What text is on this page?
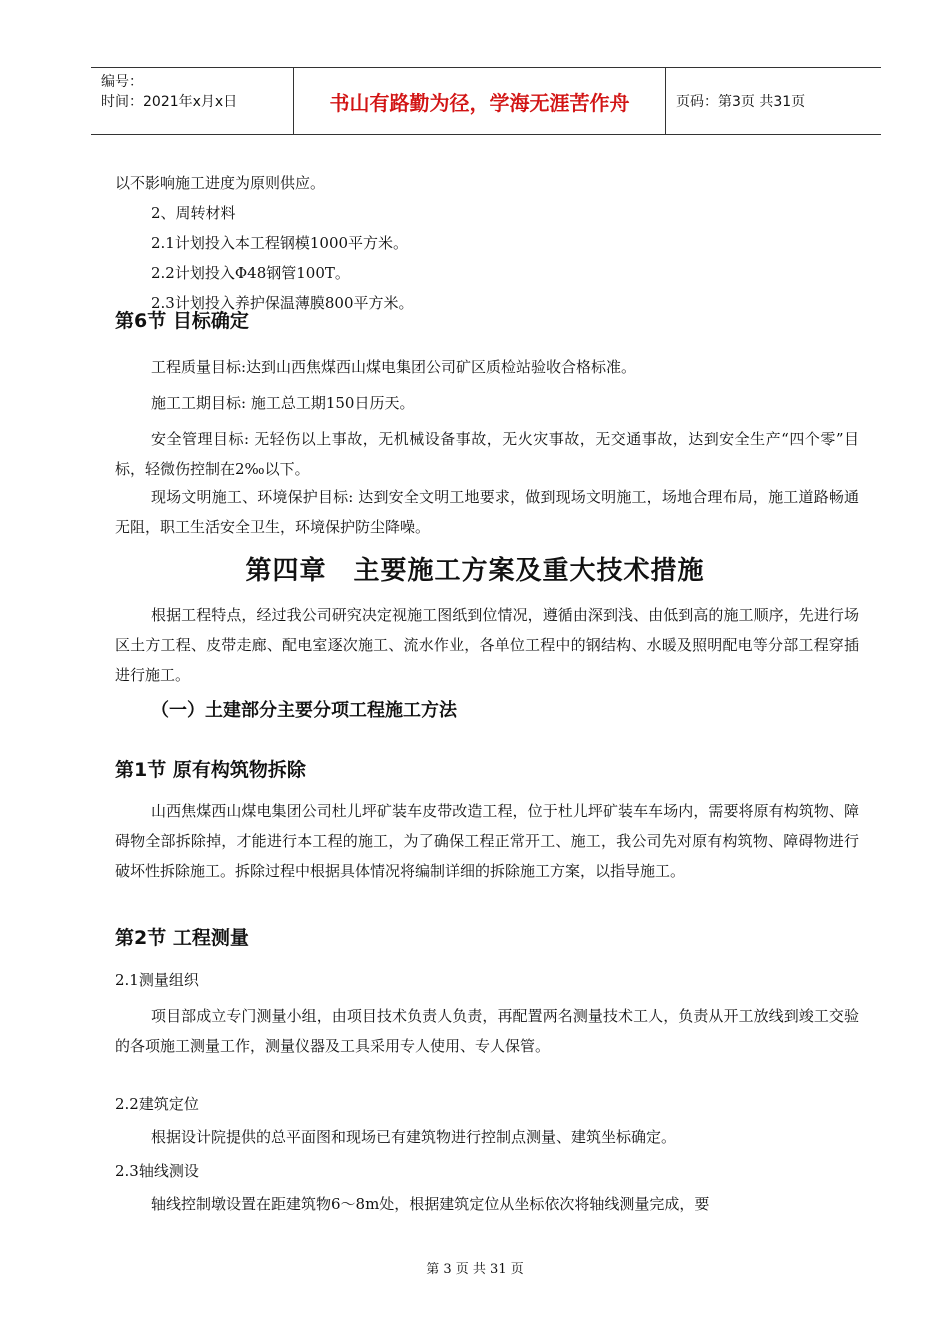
编号：
时间：2021年x月x日	书山有路勤为径，学海无涯苦作舟	页码：第3页 共31页

以不影响施工进度为原则供应。

2、周转材料

2.1计划投入本工程钢模1000平方米。

2.2计划投入Φ48钢管100T。

2.3计划投入养护保温薄膜800平方米。

第6节 目标确定

工程质量目标:达到山西焦煤西山煤电集团公司矿区质检站验收合格标准。

施工工期目标: 施工总工期150日历天。

安全管理目标: 无轻伤以上事故，无机械设备事故，无火灾事故，无交通事故，达到安全生产“四个零”目标，轻微伤控制在2‰以下。

现场文明施工、环境保护目标: 达到安全文明工地要求，做到现场文明施工，场地合理布局，施工道路畅通无阻，职工生活安全卫生，环境保护防尘降噪。

第四章　主要施工方案及重大技术措施

根据工程特点，经过我公司研究决定视施工图纸到位情况，遵循由深到浅、由低到高的施工顺序，先进行场区土方工程、皮带走廊、配电室逐次施工、流水作业，各单位工程中的钢结构、水暖及照明配电等分部工程穿插进行施工。

（一）土建部分主要分项工程施工方法
第1节 原有构筑物拆除

山西焦煤西山煤电集团公司杜儿坪矿装车皮带改造工程，位于杜儿坪矿装车车场内，需要将原有构筑物、障碍物全部拆除掉，才能进行本工程的施工，为了确保工程正常开工、施工，我公司先对原有构筑物、障碍物进行破坏性拆除施工。拆除过程中根据具体情况将编制详细的拆除施工方案，以指导施工。

第2节 工程测量

2.1测量组织

项目部成立专门测量小组，由项目技术负责人负责，再配置两名测量技术工人，负责从开工放线到竣工交验的各项施工测量工作，测量仪器及工具采用专人使用、专人保管。

2.2建筑定位

根据设计院提供的总平面图和现场已有建筑物进行控制点测量、建筑坐标确定。

2.3轴线测设

轴线控制墩设置在距建筑物6～8m处，根据建筑定位从坐标依次将轴线测量完成，要

第 3 页 共 31 页
